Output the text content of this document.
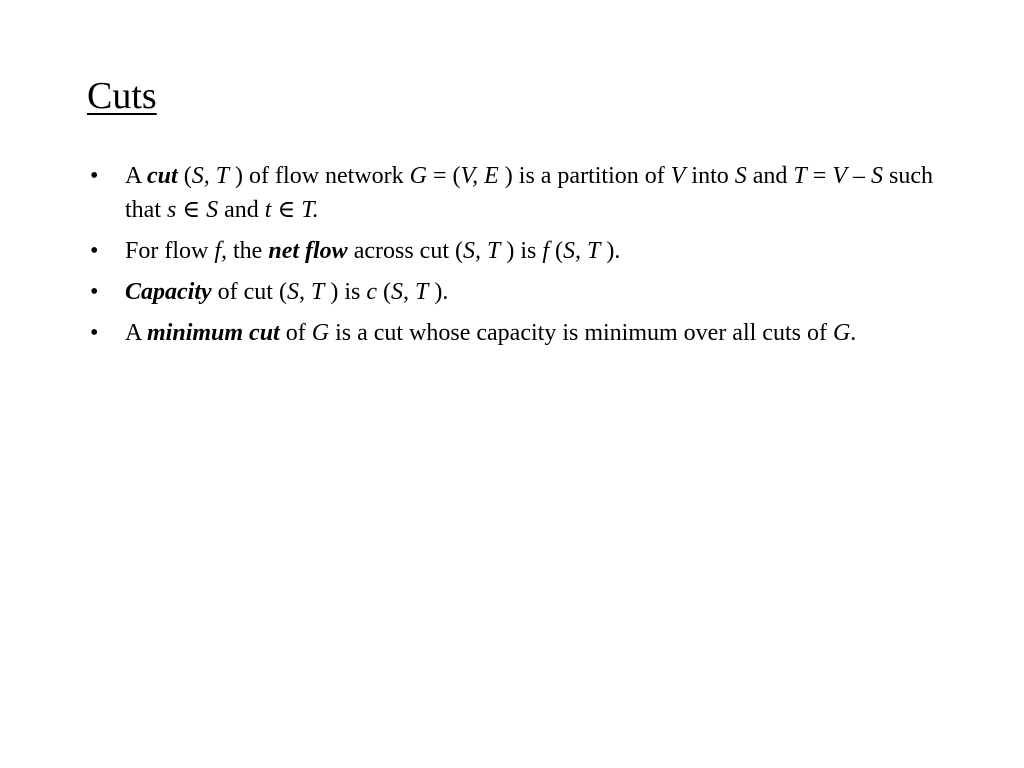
Cuts
• A cut (S, T ) of flow network G = (V, E ) is a partition of V into S and T = V – S such that s ∈ S and t ∈ T.
• For flow f, the net flow across cut (S, T ) is f (S, T ).
• Capacity of cut (S, T ) is c (S, T ).
• A minimum cut of G is a cut whose capacity is minimum over all cuts of G.
